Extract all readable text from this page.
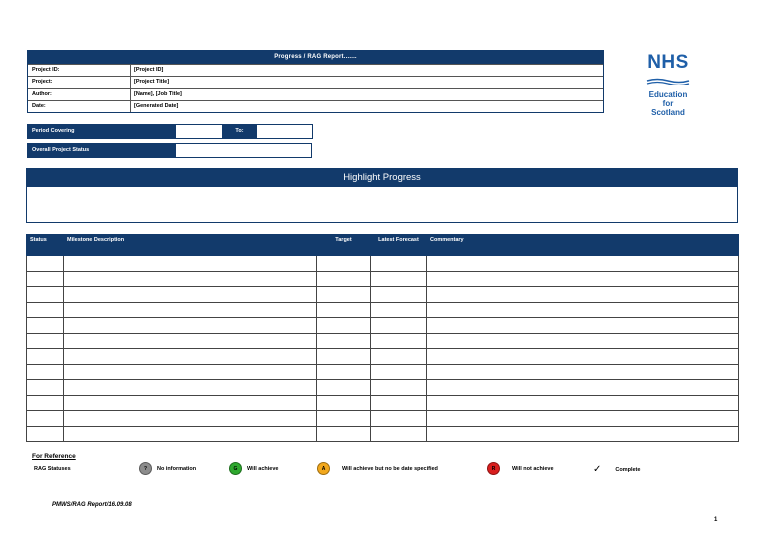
Progress / RAG Report.......
Project ID:	[Project ID]
Project:	[Project Title]
Author:	[Name], [Job Title]
Date:	[Generated Date]
NHS
Education
for
Scotland
Period Covering	To:
Overall Project Status
Highlight Progress
Status	Milestone Description	Target	Latest Forecast	Commentary

For Reference
RAG Statuses	?	No information	G	Will achieve	A	Will achieve but no be date specified	R	Will not achieve	✓	Complete
PMWS/RAG Report/16.09.08
1
